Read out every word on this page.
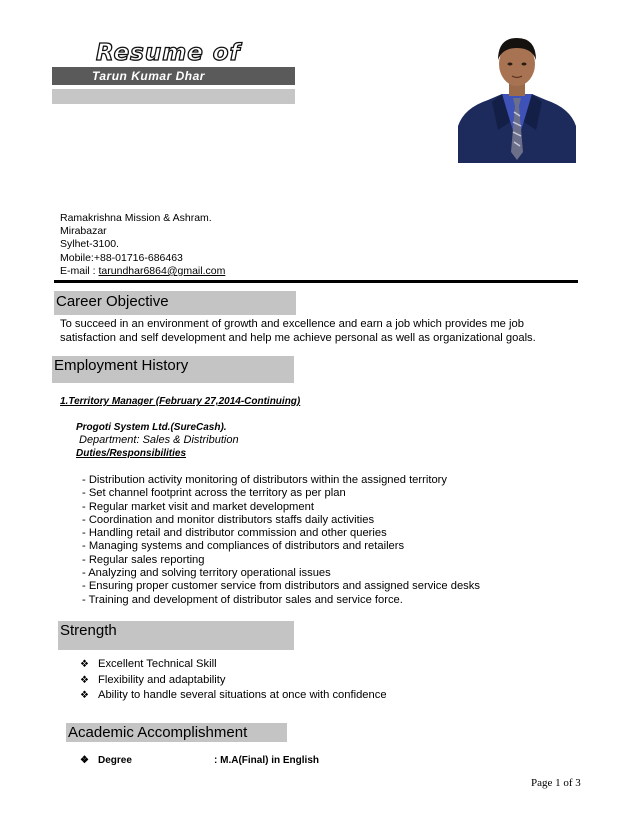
Resume of
Tarun Kumar Dhar
Ramakrishna Mission & Ashram.
Mirabazar
Sylhet-3100.
Mobile:+88-01716-686463
E-mail : tarundhar6864@gmail.com
Career Objective
To succeed in an environment of growth and excellence and earn a job which provides me job
satisfaction and self development and help me achieve personal as well as organizational goals.
Employment History
1.Territory Manager (February 27,2014-Continuing)
Progoti System Ltd.(SureCash).
Department: Sales & Distribution
Duties/Responsibilities
- Distribution activity monitoring of distributors within the assigned territory
- Set channel footprint across the territory as per plan
- Regular market visit and market development
- Coordination and monitor distributors staffs daily activities
- Handling retail and distributor commission and other queries
- Managing systems and compliances of distributors and retailers
- Regular sales reporting
- Analyzing and solving territory operational issues
- Ensuring proper customer service from distributors and assigned service desks
- Training and development of distributor sales and service force.
Strength
❖ Excellent Technical Skill
❖ Flexibility and adaptability
❖ Ability to handle several situations at once with confidence
Academic Accomplishment
❖ Degree	: M.A(Final) in English
Page 1 of 3
